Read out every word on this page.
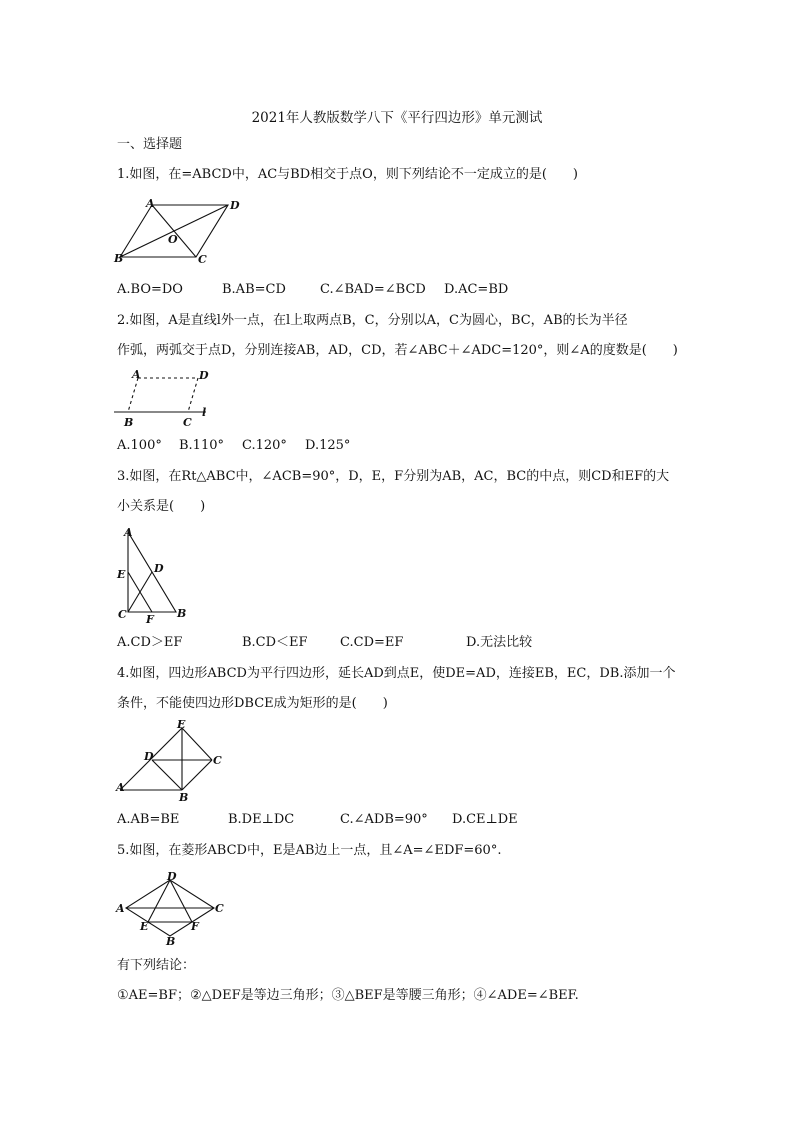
2021年人教版数学八下《平行四边形》单元测试
一、选择题
1.如图，在=ABCD中，AC与BD相交于点O，则下列结论不一定成立的是(　　)
A	D
O
B	C
A.BO=DO	B.AB=CD	C.∠BAD=∠BCD D.AC=BD
2.如图，A是直线l外一点，在l上取两点B，C，分别以A，C为圆心，BC，AB的长为半径
作弧，两弧交于点D，分别连接AB，AD，CD，若∠ABC＋∠ADC=120°，则∠A的度数是(　　)
A	D
B	C
l
A.100° B.110° C.120° D.125°
3.如图，在Rt△ABC中，∠ACB=90°，D，E，F分别为AB，AC，BC的中点，则CD和EF的大
小关系是(　　)
A
D
E
C F B
A.CD＞EF	B.CD＜EF C.CD=EF	D.无法比较
4.如图，四边形ABCD为平行四边形，延长AD到点E，使DE=AD，连接EB，EC，DB.添加一个
条件，不能使四边形DBCE成为矩形的是(　　)
E
D	C
A
B
A.AB=BE	B.DE⊥DC	C.∠ADB=90° D.CE⊥DE
5.如图，在菱形ABCD中，E是AB边上一点，且∠A=∠EDF=60°.
D
A	C
E	F
B
有下列结论：
①AE=BF；②△DEF是等边三角形；③△BEF是等腰三角形；④∠ADE=∠BEF.
